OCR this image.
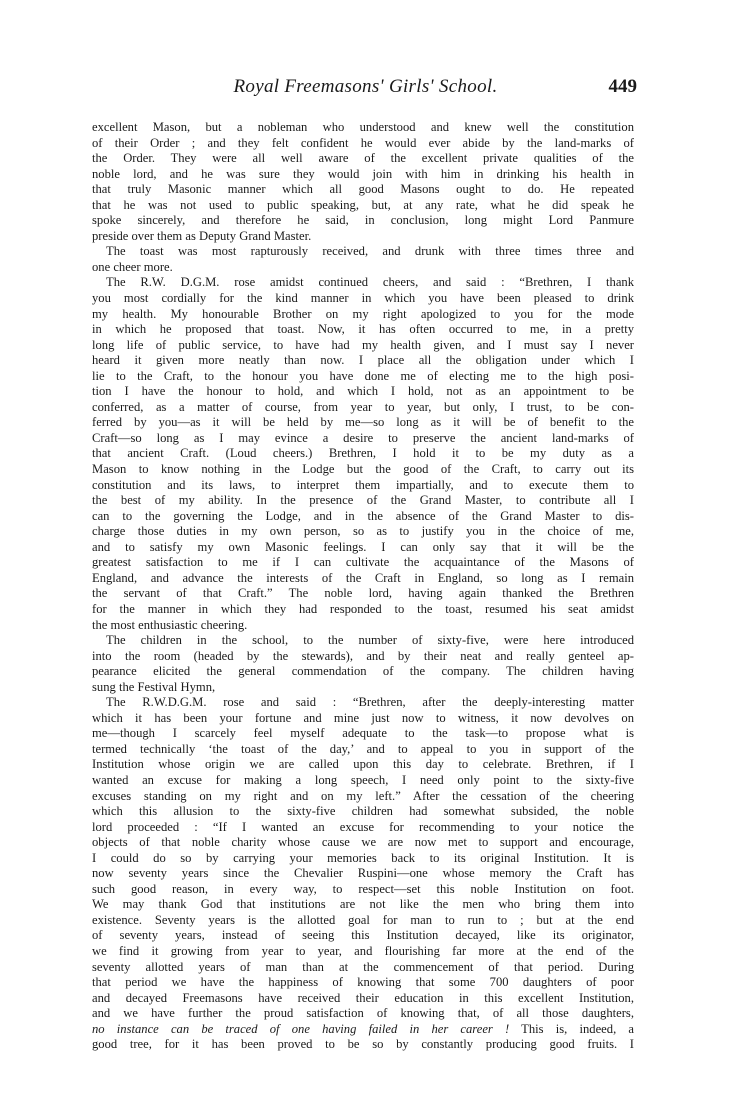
Royal Freemasons' Girls' School.	449
excellent Mason, but a nobleman who understood and knew well the constitution
of their Order ; and they felt confident he would ever abide by the land-marks of
the Order. They were all well aware of the excellent private qualities of the
noble lord, and he was sure they would join with him in drinking his health in
that truly Masonic manner which all good Masons ought to do. He repeated
that he was not used to public speaking, but, at any rate, what he did speak he
spoke sincerely, and therefore he said, in conclusion, long might Lord Panmure
preside over them as Deputy Grand Master.
The toast was most rapturously received, and drunk with three times three and
one cheer more.
The R.W. D.G.M. rose amidst continued cheers, and said : “Brethren, I thank
you most cordially for the kind manner in which you have been pleased to drink
my health. My honourable Brother on my right apologized to you for the mode
in which he proposed that toast. Now, it has often occurred to me, in a pretty
long life of public service, to have had my health given, and I must say I never
heard it given more neatly than now. I place all the obligation under which I
lie to the Craft, to the honour you have done me of electing me to the high posi-
tion I have the honour to hold, and which I hold, not as an appointment to be
conferred, as a matter of course, from year to year, but only, I trust, to be con-
ferred by you—as it will be held by me—so long as it will be of benefit to the
Craft—so long as I may evince a desire to preserve the ancient land-marks of
that ancient Craft. (Loud cheers.) Brethren, I hold it to be my duty as a
Mason to know nothing in the Lodge but the good of the Craft, to carry out its
constitution and its laws, to interpret them impartially, and to execute them to
the best of my ability. In the presence of the Grand Master, to contribute all I
can to the governing the Lodge, and in the absence of the Grand Master to dis-
charge those duties in my own person, so as to justify you in the choice of me,
and to satisfy my own Masonic feelings. I can only say that it will be the
greatest satisfaction to me if I can cultivate the acquaintance of the Masons of
England, and advance the interests of the Craft in England, so long as I remain
the servant of that Craft.” The noble lord, having again thanked the Brethren
for the manner in which they had responded to the toast, resumed his seat amidst
the most enthusiastic cheering.
The children in the school, to the number of sixty-five, were here introduced
into the room (headed by the stewards), and by their neat and really genteel ap-
pearance elicited the general commendation of the company. The children having
sung the Festival Hymn,
The R.W.D.G.M. rose and said : “Brethren, after the deeply-interesting matter
which it has been your fortune and mine just now to witness, it now devolves on
me—though I scarcely feel myself adequate to the task—to propose what is
termed technically ‘the toast of the day,’ and to appeal to you in support of the
Institution whose origin we are called upon this day to celebrate. Brethren, if I
wanted an excuse for making a long speech, I need only point to the sixty-five
excuses standing on my right and on my left.” After the cessation of the cheering
which this allusion to the sixty-five children had somewhat subsided, the noble
lord proceeded : “If I wanted an excuse for recommending to your notice the
objects of that noble charity whose cause we are now met to support and encourage,
I could do so by carrying your memories back to its original Institution. It is
now seventy years since the Chevalier Ruspini—one whose memory the Craft has
such good reason, in every way, to respect—set this noble Institution on foot.
We may thank God that institutions are not like the men who bring them into
existence. Seventy years is the allotted goal for man to run to ; but at the end
of seventy years, instead of seeing this Institution decayed, like its originator,
we find it growing from year to year, and flourishing far more at the end of the
seventy allotted years of man than at the commencement of that period. During
that period we have the happiness of knowing that some 700 daughters of poor
and decayed Freemasons have received their education in this excellent Institution,
and we have further the proud satisfaction of knowing that, of all those daughters,
no instance can be traced of one having failed in her career ! This is, indeed, a
good tree, for it has been proved to be so by constantly producing good fruits. I
